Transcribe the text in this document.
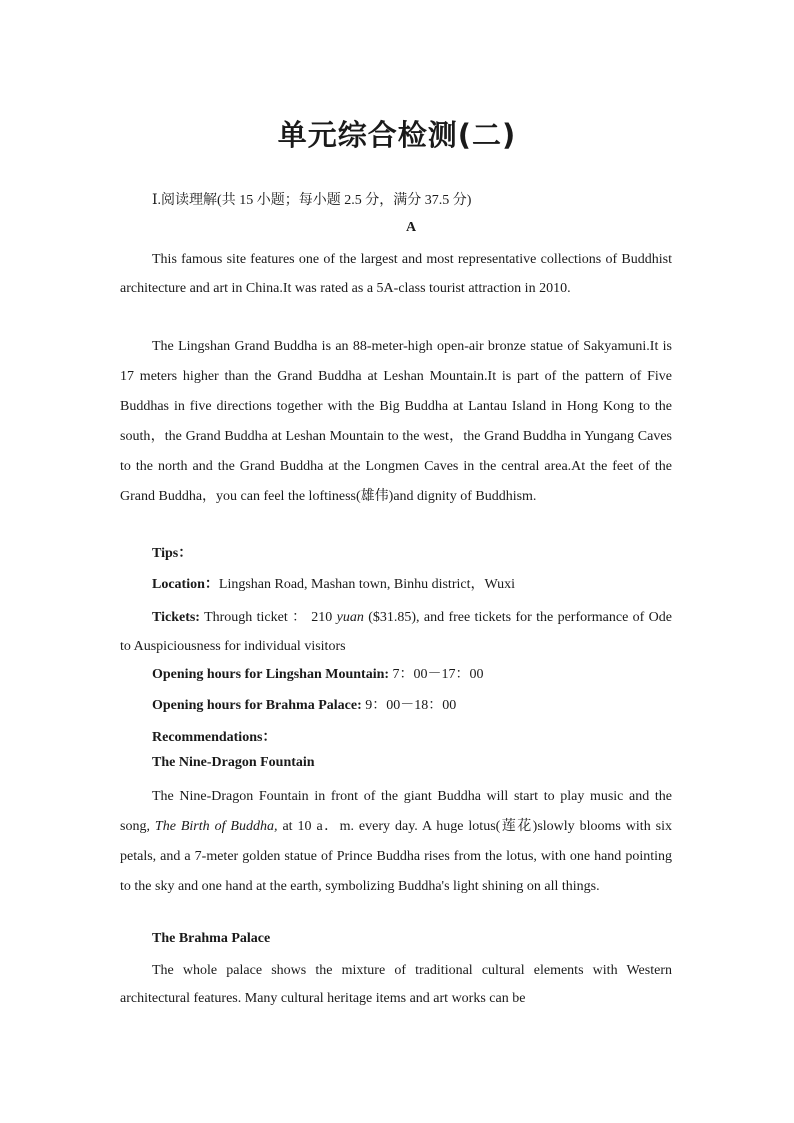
单元综合检测(二)
Ⅰ.阅读理解(共 15 小题；每小题 2.5 分，满分 37.5 分)
A

This famous site features one of the largest and most representative collections of Buddhist architecture and art in China.It was rated as a 5A-class tourist attraction in 2010.

The Lingshan Grand Buddha is an 88-meter-high open-air bronze statue of Sakyamuni.It is 17 meters higher than the Grand Buddha at Leshan Mountain.It is part of the pattern of Five Buddhas in five directions together with the Big Buddha at Lantau Island in Hong Kong to the south，the Grand Buddha at Leshan Mountain to the west，the Grand Buddha in Yungang Caves to the north and the Grand Buddha at the Longmen Caves in the central area.At the feet of the Grand Buddha，you can feel the loftiness(雄伟)and dignity of Buddhism.

Tips：
Location：Lingshan Road, Mashan town, Binhu district，Wuxi

Tickets: Through ticket ： 210 yuan ($31.85), and free tickets for the performance of Ode to Auspiciousness for individual visitors

Opening hours for Lingshan Mountain: 7：00－17：00
Opening hours for Brahma Palace: 9：00－18：00
Recommendations：
The Nine-Dragon Fountain

The Nine-Dragon Fountain in front of the giant Buddha will start to play music and the song, The Birth of Buddha, at 10 a．m. every day. A huge lotus(莲花)slowly blooms with six petals, and a 7-meter golden statue of Prince Buddha rises from the lotus, with one hand pointing to the sky and one hand at the earth, symbolizing Buddha's light shining on all things.

The Brahma Palace

The whole palace shows the mixture of traditional cultural elements with Western architectural features. Many cultural heritage items and art works can be
